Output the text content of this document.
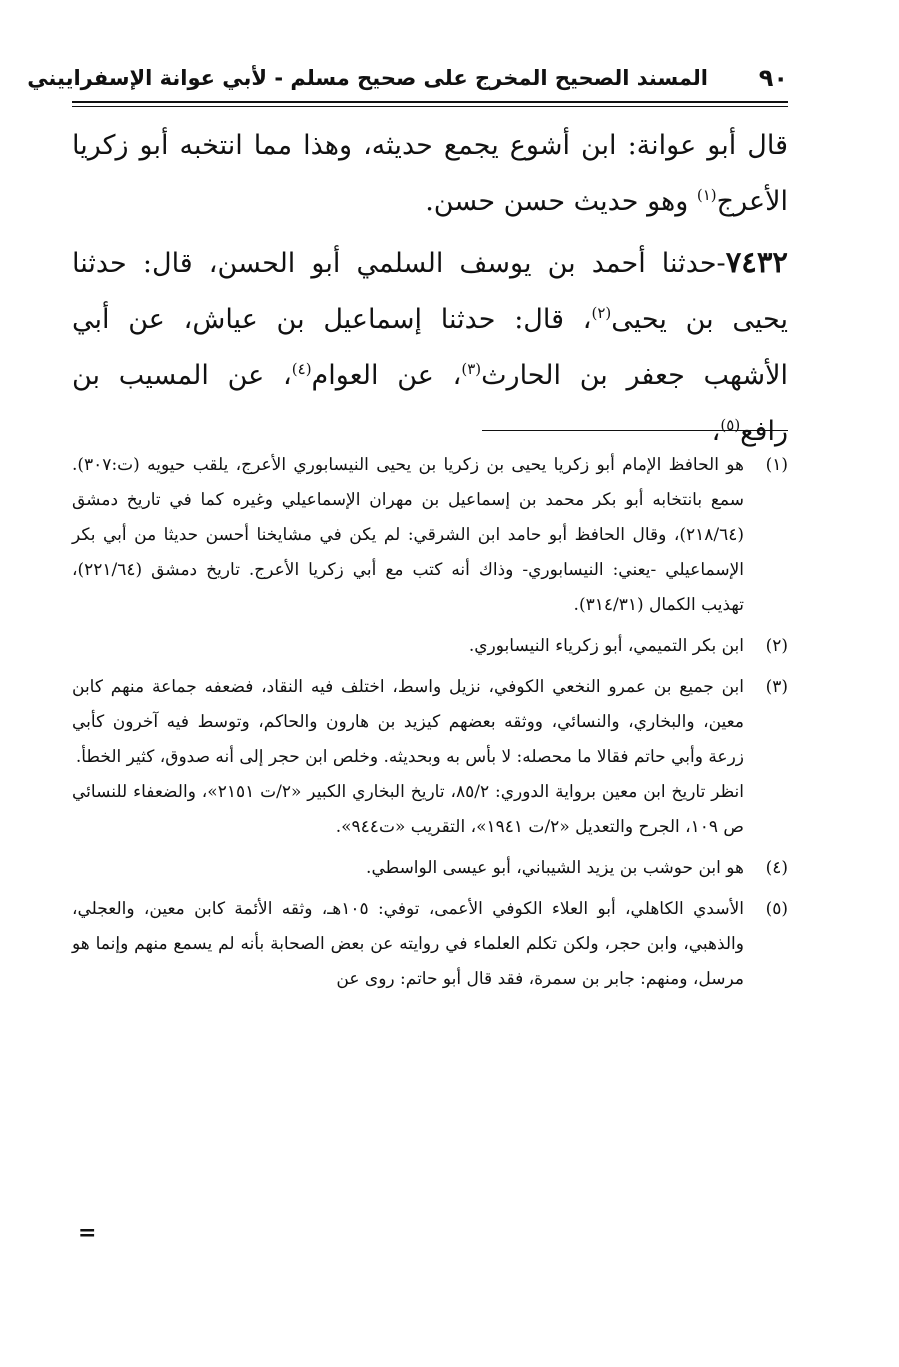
٩٠
المسند الصحيح المخرج على صحيح مسلم - لأبي عوانة الإسفراييني

قال أبو عوانة: ابن أشوع يجمع حديثه، وهذا مما انتخبه أبو زكريا الأعرج$^{(١)}$ وهو حديث حسن حسن.

٧٤٣٢-حدثنا أحمد بن يوسف السلمي أبو الحسن، قال: حدثنا يحيى بن يحيى$^{(٢)}$، قال: حدثنا إسماعيل بن عياش، عن أبي الأشهب جعفر بن الحارث$^{(٣)}$، عن العوام$^{(٤)}$، عن المسيب بن رافع$^{(٥)}$،

(١)

هو الحافظ الإمام أبو زكريا يحيى بن زكريا بن يحيى النيسابوري الأعرج، يلقب حيويه (ت:٣٠٧). سمع بانتخابه أبو بكر محمد بن إسماعيل بن مهران الإسماعيلي وغيره كما في تاريخ دمشق (٢١٨/٦٤)، وقال الحافظ أبو حامد ابن الشرقي: لم يكن في مشايخنا أحسن حديثا من أبي بكر الإسماعيلي -يعني: النيسابوري- وذاك أنه كتب مع أبي زكريا الأعرج. تاريخ دمشق (٢٢١/٦٤)، تهذيب الكمال (٣١٤/٣١).

(٢)

ابن بكر التميمي، أبو زكرياء النيسابوري.

(٣)

ابن جميع بن عمرو النخعي الكوفي، نزيل واسط، اختلف فيه النقاد، فضعفه جماعة منهم كابن معين، والبخاري، والنسائي، ووثقه بعضهم كيزيد بن هارون والحاكم، وتوسط فيه آخرون كأبي زرعة وأبي حاتم فقالا ما محصله: لا بأس به وبحديثه. وخلص ابن حجر إلى أنه صدوق، كثير الخطأ.

انظر تاريخ ابن معين برواية الدوري: ٨٥/٢، تاريخ البخاري الكبير «٢/ت ٢١٥١»، والضعفاء للنسائي ص ١٠٩، الجرح والتعديل «٢/ت ١٩٤١»، التقريب «ت٩٤٤».

(٤)

هو ابن حوشب بن يزيد الشيباني، أبو عيسى الواسطي.

(٥)

الأسدي الكاهلي، أبو العلاء الكوفي الأعمى، توفي: ١٠٥هـ، وثقه الأئمة كابن معين، والعجلي، والذهبي، وابن حجر، ولكن تكلم العلماء في روايته عن بعض الصحابة بأنه لم يسمع منهم وإنما هو مرسل، ومنهم: جابر بن سمرة، فقد قال أبو حاتم: روى عن

=
